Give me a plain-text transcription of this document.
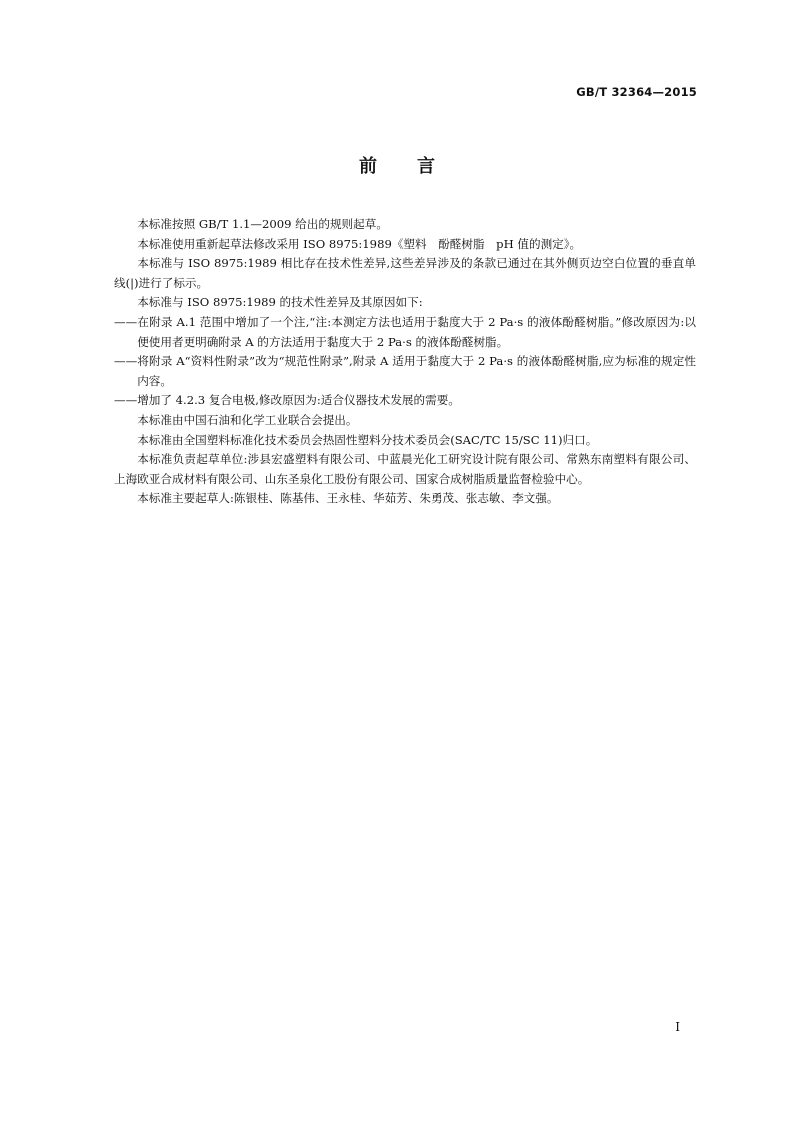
GB/T 32364—2015
前言

本标准按照 GB/T 1.1—2009 给出的规则起草。

本标准使用重新起草法修改采用 ISO 8975:1989《塑料　酚醛树脂　pH 值的测定》。

本标准与 ISO 8975:1989 相比存在技术性差异,这些差异涉及的条款已通过在其外侧页边空白位置的垂直单线(|)进行了标示。

本标准与 ISO 8975:1989 的技术性差异及其原因如下:

——在附录 A.1 范围中增加了一个注,“注:本测定方法也适用于黏度大于 2 Pa·s 的液体酚醛树脂。”修改原因为:以便使用者更明确附录 A 的方法适用于黏度大于 2 Pa·s 的液体酚醛树脂。
——将附录 A“资料性附录”改为“规范性附录”,附录 A 适用于黏度大于 2 Pa·s 的液体酚醛树脂,应为标准的规定性内容。
——增加了 4.2.3 复合电极,修改原因为:适合仪器技术发展的需要。

本标准由中国石油和化学工业联合会提出。

本标准由全国塑料标准化技术委员会热固性塑料分技术委员会(SAC/TC 15/SC 11)归口。

本标准负责起草单位:涉县宏盛塑料有限公司、中蓝晨光化工研究设计院有限公司、常熟东南塑料有限公司、上海欧亚合成材料有限公司、山东圣泉化工股份有限公司、国家合成树脂质量监督检验中心。

本标准主要起草人:陈银桂、陈基伟、王永桂、华茹芳、朱勇茂、张志敏、李文强。

I
